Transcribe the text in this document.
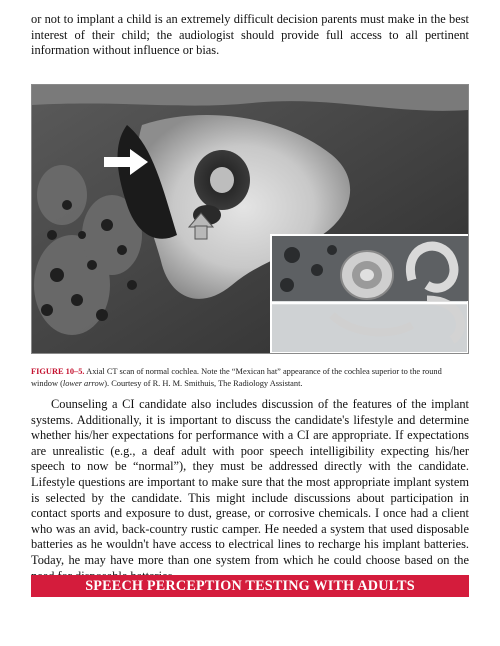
or not to implant a child is an extremely difficult decision parents must make in the best interest of their child; the audiologist should provide full access to all pertinent information without influence or bias.

FIGURE 10–5. Axial CT scan of normal cochlea. Note the “Mexican hat” appearance of the cochlea superior to the round window (lower arrow). Courtesy of R. H. M. Smithuis, The Radiology Assistant.

Counseling a CI candidate also includes discussion of the features of the implant systems. Additionally, it is important to discuss the candidate's lifestyle and determine whether his/her expectations for performance with a CI are appropriate. If expectations are unrealistic (e.g., a deaf adult with poor speech intelligibility expecting his/her speech to now be “normal”), they must be addressed directly with the candidate. Lifestyle questions are important to make sure that the most appropriate implant system is selected by the candidate. This might include discussions about participation in contact sports and exposure to dust, grease, or corrosive chemicals. I once had a client who was an avid, back-country rustic camper. He needed a system that used disposable batteries as he wouldn't have access to electrical lines to recharge his implant batteries. Today, he may have more than one system from which he could choose based on the

SPEECH PERCEPTION TESTING WITH ADULTS
